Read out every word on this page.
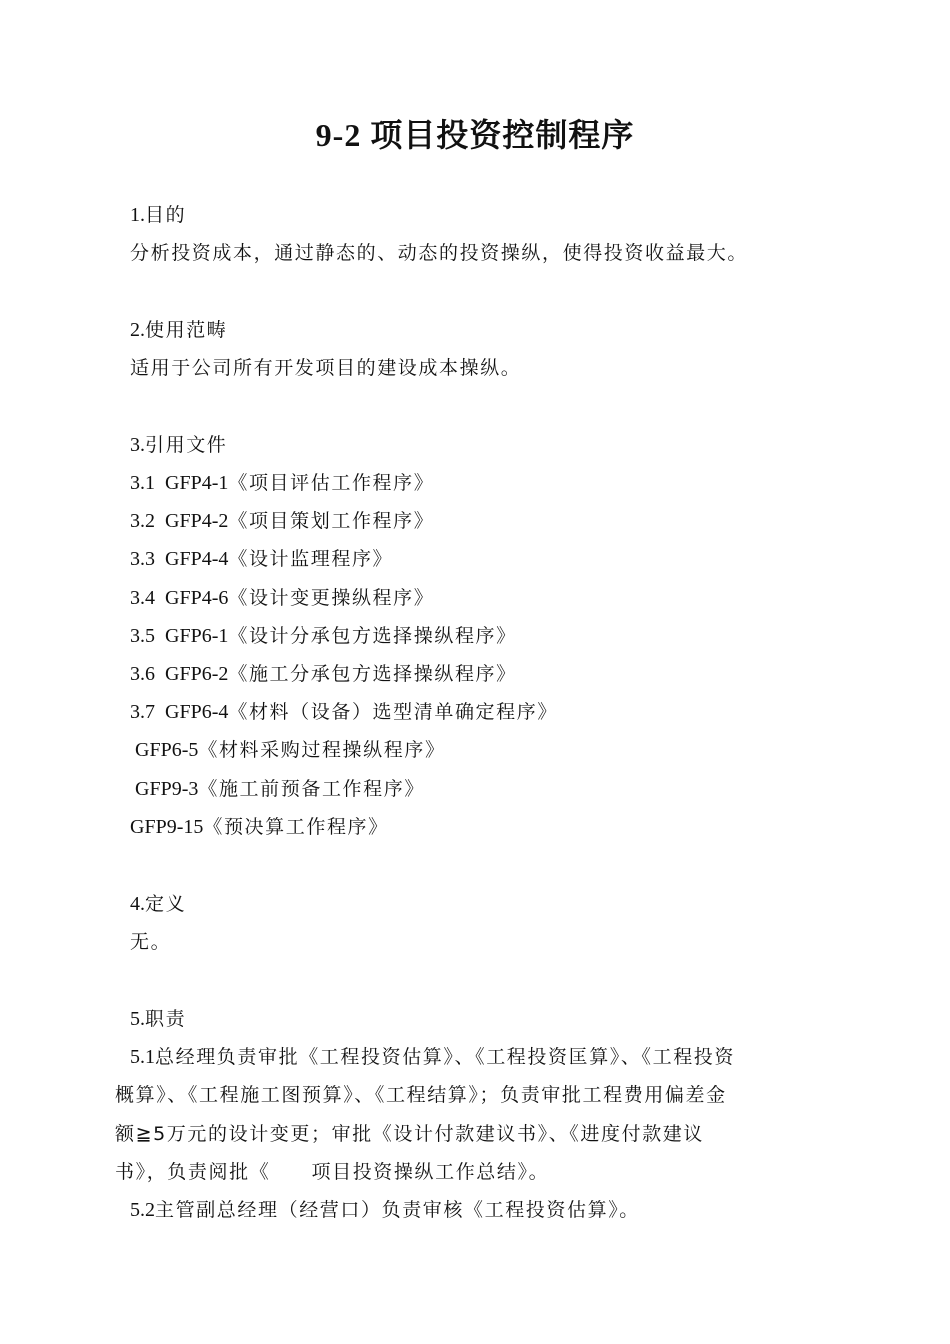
9-2 项目投资控制程序
1.目的
分析投资成本，通过静态的、动态的投资操纵，使得投资收益最大。
2.使用范畴
适用于公司所有开发项目的建设成本操纵。
3.引用文件
3.1  GFP4-1《项目评估工作程序》
3.2  GFP4-2《项目策划工作程序》
3.3  GFP4-4《设计监理程序》
3.4  GFP4-6《设计变更操纵程序》
3.5  GFP6-1《设计分承包方选择操纵程序》
3.6  GFP6-2《施工分承包方选择操纵程序》
3.7  GFP6-4《材料（设备）选型清单确定程序》
GFP6-5《材料采购过程操纵程序》
GFP9-3《施工前预备工作程序》
GFP9-15《预决算工作程序》
4.定义
无。
5.职责
5.1总经理负责审批《工程投资估算》、《工程投资匡算》、《工程投资
概算》、《工程施工图预算》、《工程结算》；负责审批工程费用偏差金
额≧5万元的设计变更；审批《设计付款建议书》、《进度付款建议
书》，负责阅批《　　项目投资操纵工作总结》。
5.2主管副总经理（经营口）负责审核《工程投资估算》。
